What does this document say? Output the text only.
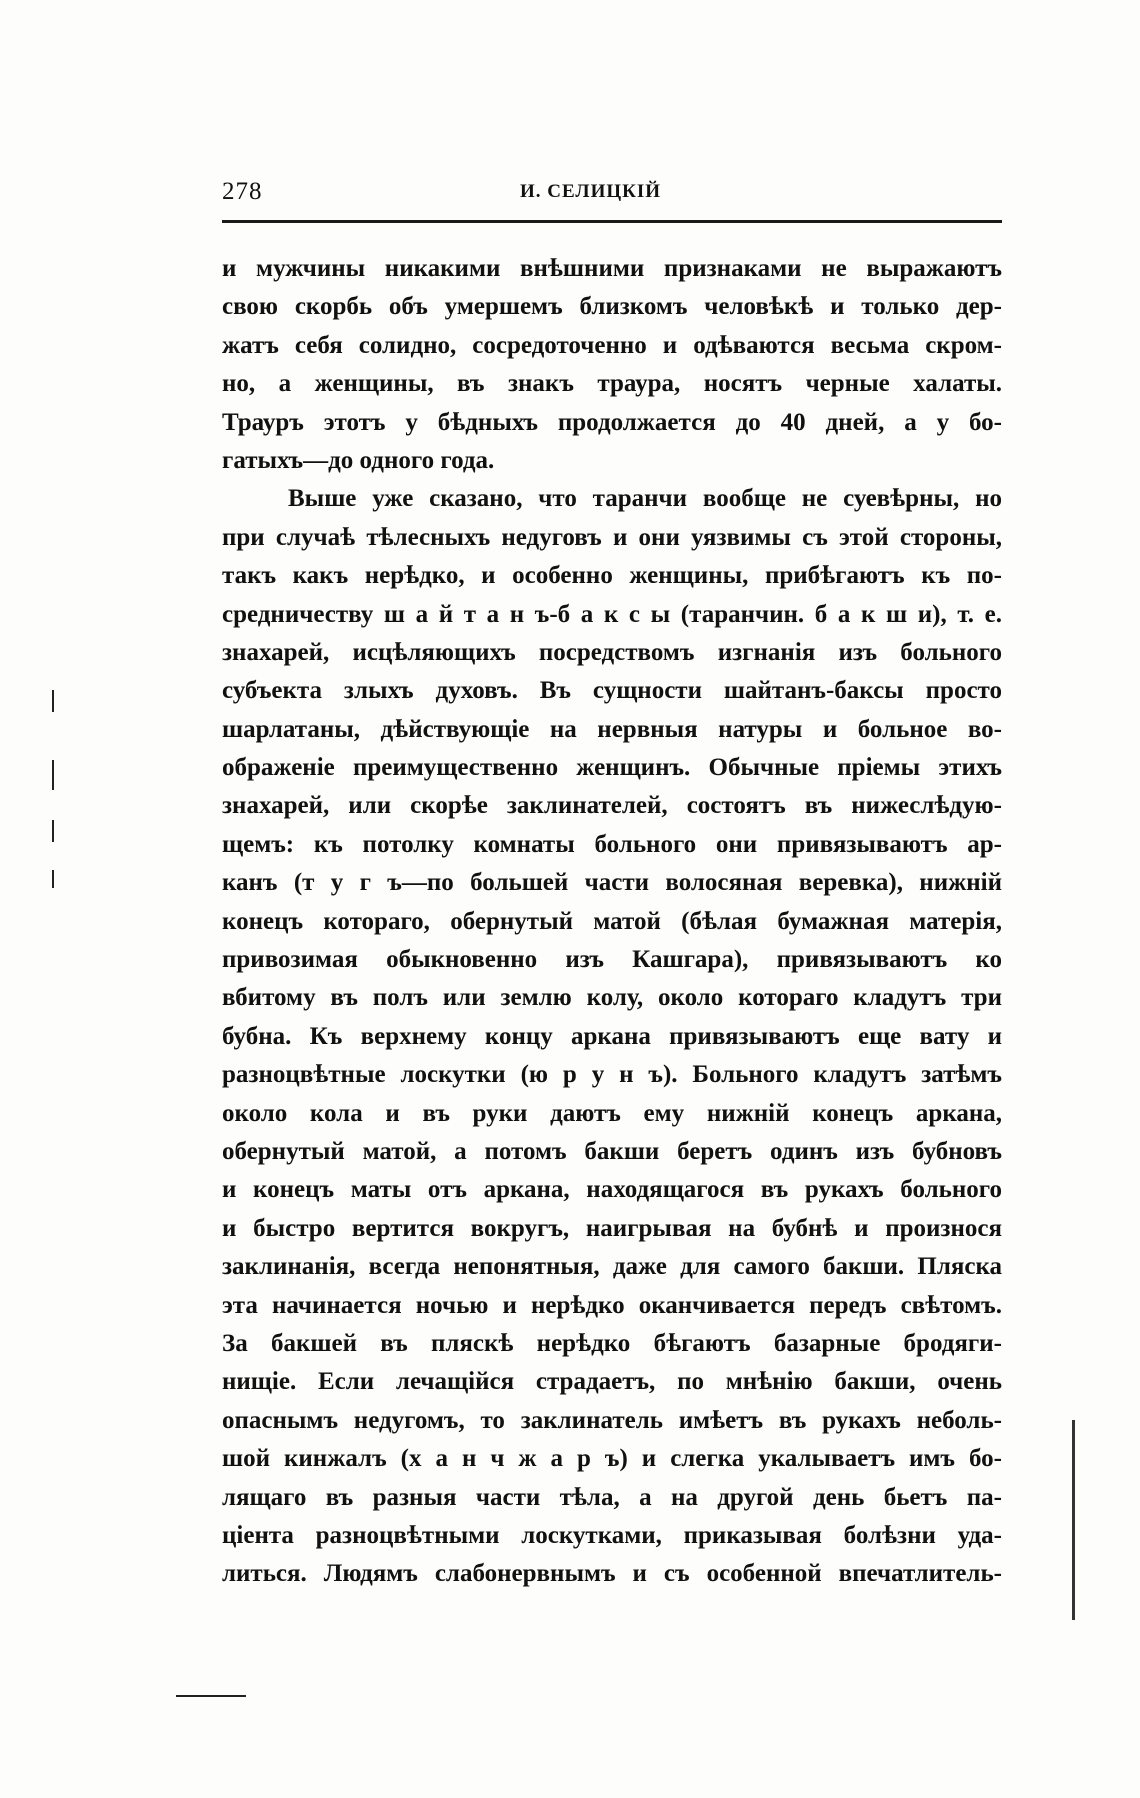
278	И. СЕЛИЦКІЙ
и мужчины никакими внѣшними признаками не выражаютъ
свою скорбь объ умершемъ близкомъ человѣкѣ и только дер-
жатъ себя солидно, сосредоточенно и одѣваются весьма скром-
но, а женщины, въ знакъ траура, носятъ черные халаты.
Трауръ этотъ у бѣдныхъ продолжается до 40 дней, а у бо-
гатыхъ—до одного года.
Выше уже сказано, что таранчи вообще не суевѣрны, но
при случаѣ тѣлесныхъ недуговъ и они уязвимы съ этой стороны,
такъ какъ нерѣдко, и особенно женщины, прибѣгаютъ къ по-
средничеству ш а й т а н ъ-б а к с ы (таранчин. б а к ш и), т. е.
знахарей, исцѣляющихъ посредствомъ изгнанія изъ больного
субъекта злыхъ духовъ. Въ сущности шайтанъ-баксы просто
шарлатаны, дѣйствующіе на нервныя натуры и больное во-
ображеніе преимущественно женщинъ. Обычные пріемы этихъ
знахарей, или скорѣе заклинателей, состоятъ въ нижеслѣдую-
щемъ: къ потолку комнаты больного они привязываютъ ар-
канъ (т у г ъ—по большей части волосяная веревка), нижній
конецъ котораго, обернутый матой (бѣлая бумажная матерія,
привозимая обыкновенно изъ Кашгара), привязываютъ ко
вбитому въ полъ или землю колу, около котораго кладутъ три
бубна. Къ верхнему концу аркана привязываютъ еще вату и
разноцвѣтные лоскутки (ю р у н ъ). Больного кладутъ затѣмъ
около кола и въ руки даютъ ему нижній конецъ аркана,
обернутый матой, а потомъ бакши беретъ одинъ изъ бубновъ
и конецъ маты отъ аркана, находящагося въ рукахъ больного
и быстро вертится вокругъ, наигрывая на бубнѣ и произнося
заклинанія, всегда непонятныя, даже для самого бакши. Пляска
эта начинается ночью и нерѣдко оканчивается передъ свѣтомъ.
За бакшей въ пляскѣ нерѣдко бѣгаютъ базарные бродяги-
нищіе. Если лечащійся страдаетъ, по мнѣнію бакши, очень
опаснымъ недугомъ, то заклинатель имѣетъ въ рукахъ неболь-
шой кинжалъ (х а н ч ж а р ъ) и слегка укалываетъ имъ бо-
лящаго въ разныя части тѣла, а на другой день бьетъ па-
ціента разноцвѣтными лоскутками, приказывая болѣзни уда-
литься. Людямъ слабонервнымъ и съ особенной впечатлитель-
